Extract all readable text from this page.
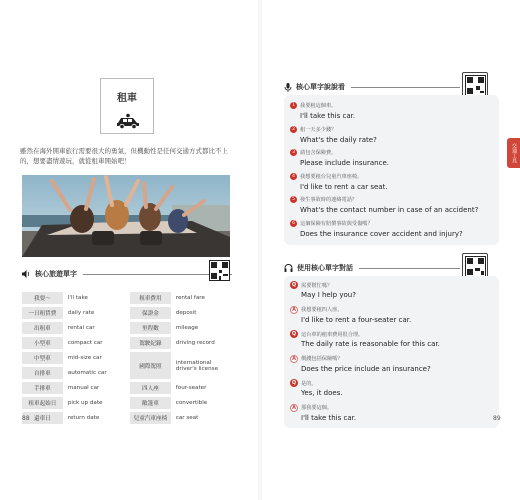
租車
雖然在海外開車旅行需要很大的勇氣，但機動性是任何交通方式都比不上的，想要盡情遊玩，就從租車開始吧！
核心旅遊單字
我要～	I'll take		租車費用	rental fare
一日租賃費	daily rate		保證金	deposit
出租車	rental car		里程數	mileage
小型車	compact car		駕駛紀錄	driving record
中型車	mid-size car		國際駕照	international driver's license
自排車	automatic car			
手排車	manual car		四人座	four-seater
租車起始日	pick up date		敞篷車	convertible
還車日	return date		兒童汽車座椅	car seat
88
交通工具
核心單字說說看
1 我要租這個車。
I'll take this car.
2 租一天多少錢？
What's the daily rate?
3 請包含保險費。
Please include insurance.
4 我想要租台兒童汽車座椅。
I'd like to rent a car seat.
5 發生事故時的連絡電話？
What's the contact number in case of an accident?
6 這個保險有賠償事故與受傷嗎？
Does the insurance cover accident and injury?
使用核心單字對話
Q 需要幫忙嗎？
May I help you?
A 我想要租四人座。
I'd like to rent a four-seater car.
Q 這台車的租車費用很合理。
The daily rate is reasonable for this car.
A 價錢包括保險嗎？
Does the price include an insurance?
Q 是的。
Yes, it does.
A 那我要這個。
I'll take this car.	89
